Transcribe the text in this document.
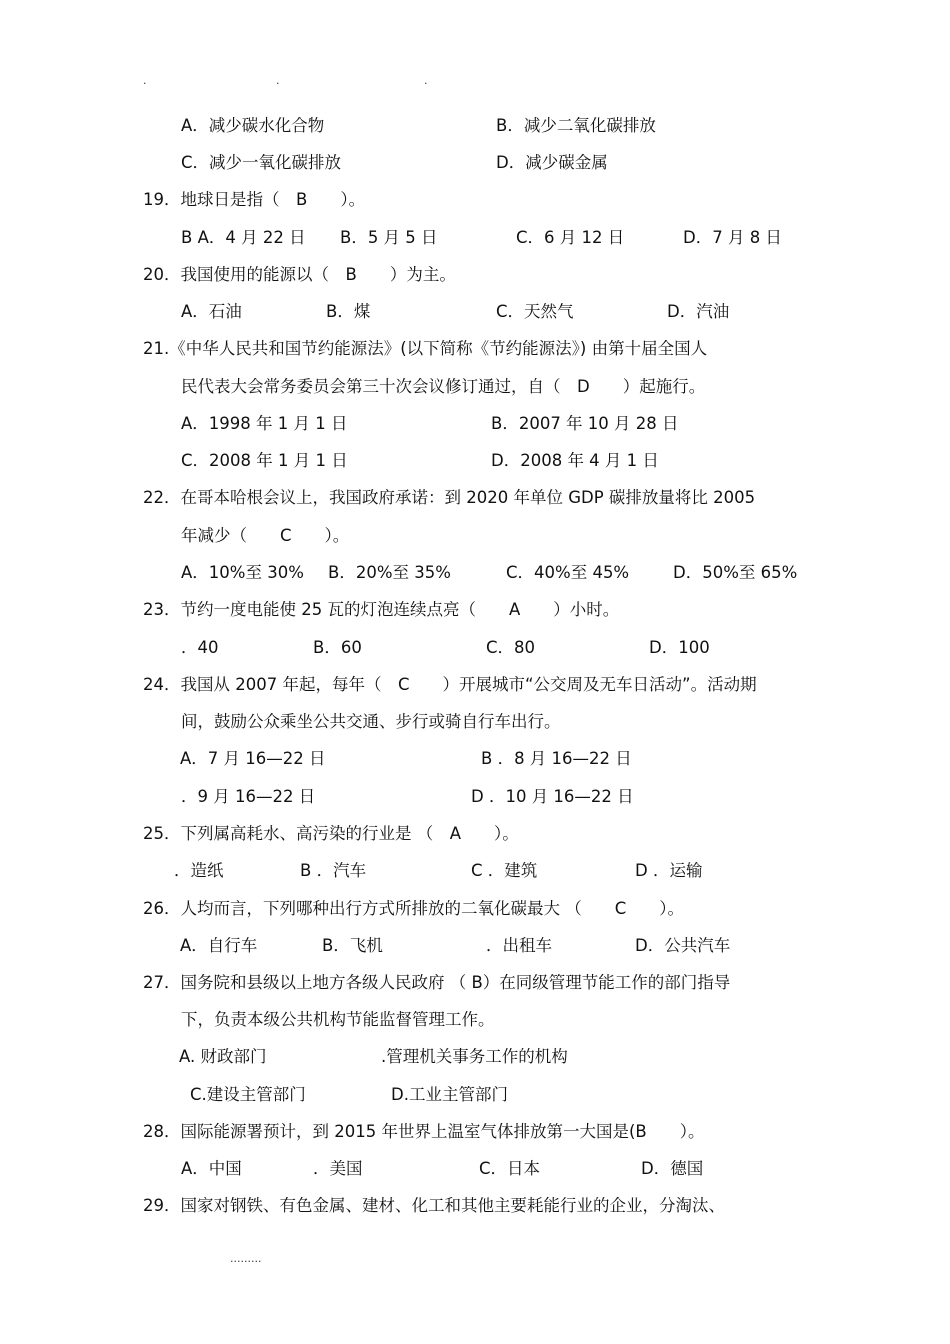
.	.	.
A．减少碳水化合物	B．减少二氧化碳排放
C．减少一氧化碳排放	D．减少碳金属
19．地球日是指（　B　　）。
B A．4 月 22 日 B．5 月 5 日	C．6 月 12 日	D．7 月 8 日
20．我国使用的能源以（　B　　）为主。
A．石油	B．煤	C．天然气	D．汽油
21.《中华人民共和国节约能源法》(以下简称《节约能源法》) 由第十届全国人
民代表大会常务委员会第三十次会议修订通过，自（　D　　）起施行。
A．1998 年 1 月 1 日	B．2007 年 10 月 28 日
C．2008 年 1 月 1 日	D．2008 年 4 月 1 日
22．在哥本哈根会议上，我国政府承诺：到 2020 年单位 GDP 碳排放量将比 2005
年减少（　　C　　）。
A．10%至 30% B．20%至 35%	C．40%至 45%	D．50%至 65%
23．节约一度电能使 25 瓦的灯泡连续点亮（　　A　　）小时。
．40	B．60	C．80	D．100
24．我国从 2007 年起，每年（　C　　）开展城市“公交周及无车日活动”。活动期
间，鼓励公众乘坐公共交通、步行或骑自行车出行。
A．7 月 16—22 日	B ．8 月 16—22 日
．9 月 16—22 日	D ．10 月 16—22 日
25．下列属高耗水、高污染的行业是 （　A　　）。
．造纸	B ．汽车	C ．建筑	D ．运输
26．人均而言，下列哪种出行方式所排放的二氧化碳最大 （　　C　　）。
A．自行车	B．飞机	．出租车	D．公共汽车
27．国务院和县级以上地方各级人民政府 （ B）在同级管理节能工作的部门指导
下，负责本级公共机构节能监督管理工作。
A. 财政部门	.管理机关事务工作的机构
C.建设主管部门	D.工业主管部门
28．国际能源署预计，到 2015 年世界上温室气体排放第一大国是(B　　）。
A．中国	．美国	C．日本	D．德国
29．国家对钢铁、有色金属、建材、化工和其他主要耗能行业的企业，分淘汰、
.........
